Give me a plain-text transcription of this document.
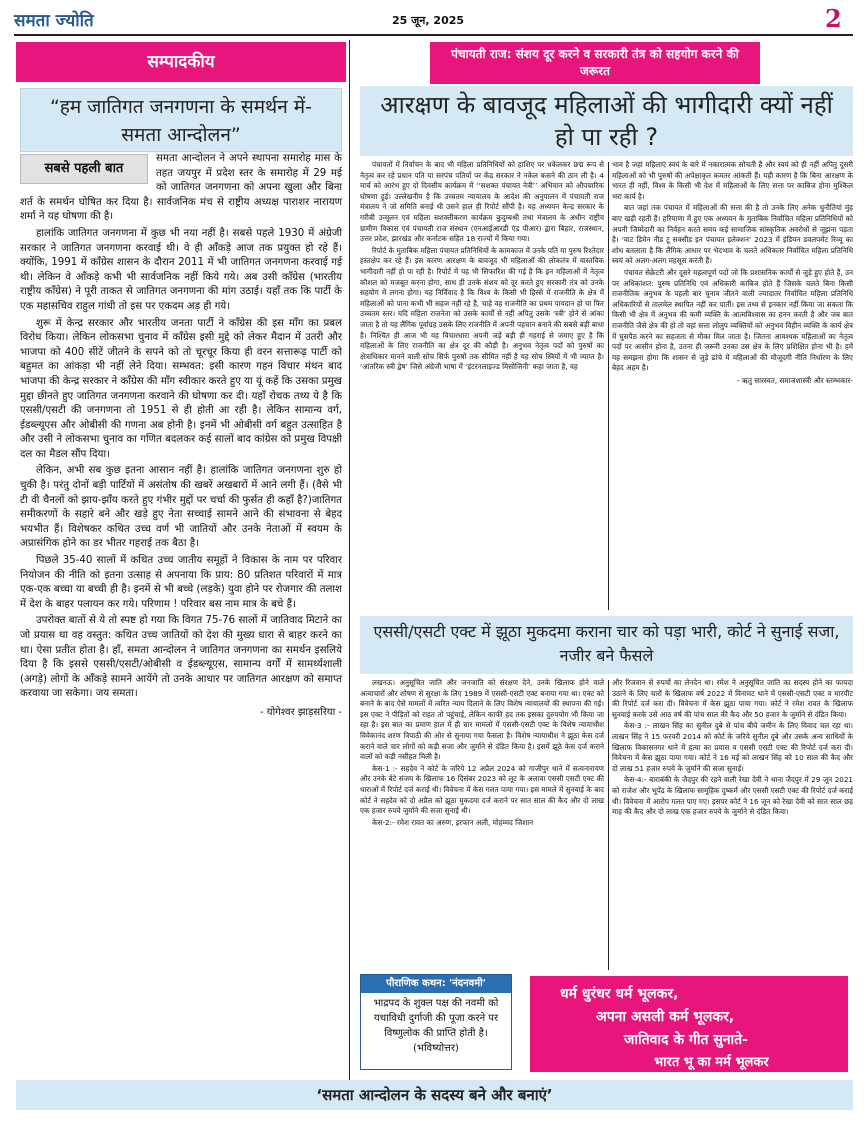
समता ज्योति	25 जून, 2025	2
सम्पादकीय
“हम जातिगत जनगणना के समर्थन में- समता आन्दोलन”
सबसे पहली बात

समता आन्दोलन ने अपने स्थापना समारोह मास के तहत जयपुर में प्रदेश स्तर के समारोह में 29 मई को जातिगत जनगणना को अपना खुला और बिना शर्त के समर्थन घोषित कर दिया है। सार्वजनिक मंच से राष्ट्रीय अध्यक्ष पाराशर नारायण शर्मा ने यह घोषणा की है।

हालांकि जातिगत जनगणना में कुछ भी नया नहीं है। सबसे पहले 1930 में अंग्रेजी सरकार ने जातिगत जनगणना करवाई थी। वे ही आँकड़े आज तक प्रयुक्त हो रहे हैं। क्योंकि, 1991 में काँग्रेस शासन के दौरान 2011 में भी जातिगत जनगणना करवाई गई थी। लेकिन वे आँकड़े कभी भी सार्वजनिक नहीं किये गये। अब उसी काँग्रेस (भारतीय राष्ट्रीय काँग्रेस) ने पूरी ताकत से जातिगत जनगणना की मांग उठाई। यहाँ तक कि पार्टी के एक महासचिव राहुल गांधी तो इस पर एकदम अड़ ही गये।

शुरू में केन्द्र सरकार और भारतीय जनता पार्टी ने काँग्रेस की इस माँग का प्रबल विरोध किया। लेकिन लोकसभा चुनाव में काँग्रेस इसी मुद्दे को लेकर मैदान में उतरी और भाजपा को 400 सीटें जीतने के सपने को तो चूरचूर किया ही वरन सत्तारूढ़ पार्टी को बहुमत का आंकड़ा भी नहीं लेने दिया। सम्भवत: इसी कारण गहन विचार मंथन बाद भाजपा की केन्द्र सरकार ने काँग्रेस की माँग स्वीकार करते हुए या यूं कहें कि उसका प्रमुख मुद्दा छीनते हुए जातिगत जनगणना करवाने की घोषणा कर दी। यहाँ रोचक तथ्य ये है कि एससी/एसटी की जनगणना तो 1951 से ही होती आ रही है। लेकिन सामान्य वर्ग, ईडब्ल्यूएस और ओबीसी की गणना अब होनी है। इनमें भी ओबीसी वर्ग बहुत उत्साहित है और उसी ने लोकसभा चुनाव का गणित बदलकर कई सालों बाद कांग्रेस को प्रमुख विपक्षी दल का मैडल सौंप दिया।

लेकिन, अभी सब कुछ इतना आसान नहीं है। हालांकि जातिगत जनगणना शुरु हो चुकी है। परंतु दोनों बड़ी पार्टियों में असंतोष की खबरें अखबारों में आने लगी हैं। (वैसे भी टी वी चैनलों को झाय-झाँय करते हुए गंभीर मुद्दों पर चर्चा की फुर्सत ही कहाँ है?)जातिगत समीकरणों के सहारे बने और खड़े हुए नेता सच्चाई सामने आने की संभावना से बेहद भयभीत हैं। विशेषकर कथित उच्च वर्ण भी जातियों और उनके नेताओं में स्वयम के अप्रासंगिक होने का डर भीतर गहराई तक बैठा है।

पिछले 35-40 सालों में कथित उच्च जातीय समूहों ने विकास के नाम पर परिवार नियोजन की नीति को इतना उत्साह से अपनाया कि प्राय: 80 प्रतिशत परिवारों में मात्र एक-एक बच्चा या बच्ची ही है। इनमें से भी बच्चे (लड़के) युवा होने पर रोजगार की तलाश में देश के बाहर पलायन कर गये। परिणाम ! परिवार बस नाम मात्र के बचे हैं।

उपरोक्त बातों से ये तो स्पष्ट हो गया कि विगत 75-76 सालों में जातिवाद मिटाने का जो प्रयास था वह वस्तुत: कथित उच्च जातियों को देश की मुख्य धारा से बाहर करने का था। ऐसा प्रतीत होता है। हाँ, समता आन्दोलन ने जातिगत जनगणना का समर्थन इसलिये दिया है कि इससे एससी/एसटी/ओबीसी व ईडब्ल्यूएस, सामान्य वर्गों में सामर्थ्यशाली (अगड़े) लोगों के आँकड़े सामने आयेंगे तो उनके आधार पर जातिगत आरक्षण को समाप्त करवाया जा सकेगा। जय समता।

- योगेश्वर झाड़सरिया -
पंचायती राज: संशय दूर करने व सरकारी तंत्र को सहयोग करने की जरूरत
आरक्षण के बावजूद महिलाओं की भागीदारी क्यों नहीं हो पा रही ?

पंचायतों में निर्वाचन के बाद भी महिला प्रतिनिधियों को हाशिए पर धकेलकर छद्म रूप से नेतृत्व कर रहे प्रधान पति या सरपंच पतियों पर केंद्र सरकार ने नकेल कसने की ठान ली है। 4 मार्च को आरंभ हुए दो दिवसीय कार्यक्रम में ‘‘सशक्त पंचायत नेत्री’’ अभियान को औपचारिक घोषणा हुई। उल्लेखनीय है कि उच्चतम न्यायालय के आदेश की अनुपालन में पंचायती राज मंत्रालय ने जो समिति बनाई थी उसने हाल ही रिपोर्ट सौंपी है। यह अध्ययन केन्द्र सरकार के गरीबी उन्मूलन एवं महिला सशक्तीकरण कार्यक्रम कुदुम्बश्री तथा मंत्रालय के अधीन राष्ट्रीय ग्रामीण विकास एवं पंचायती राज संस्थान (एनआईआरडी एंड पीआर) द्वारा बिहार, राजस्थान, उत्तर प्रदेश, झारखंड और कर्नाटक सहित 18 राज्यों में किया गया।

रिपोर्ट के मुताबिक महिला पंचायत प्रतिनिधियों के कामकाज में उनके पति या पुरुष रिश्तेदार हस्तक्षेप कर रहे हैं। इस कारण आरक्षण के बावजूद भी महिलाओं की लोकतंत्र में वास्तविक भागीदारी नहीं हो पा रही है। रिपोर्ट में यह भी सिफारिश की गई है कि इन महिलाओं में नेतृत्व कौशल को मजबूत करना होगा, साथ ही उनके संशय को दूर करते हुए सरकारी तंत्र को उनके सहयोग में लगना होगा। यह निर्विवाद है कि विश्व के किसी भी हिस्से में राजनीति के क्षेत्र में महिलाओं को पाना कभी भी सहज नहीं रहे है, चाहे वह राजनीति का प्रथम पायदान हो या फिर उच्चतम स्तर। यदि महिला राजनेता को उसके कार्यों से नहीं अपितु उसके ‘स्त्री’ होने से आंका जाता है तो यह लैंगिक पूर्वाग्रह उसके लिए राजनीति में अपनी पहचान बनाने की सबसे बड़ी बाधा है। निश्चित ही आज भी यह विचारधारा अपनी जड़ें बड़ी ही गहराई से जमाए हुए है कि महिलाओं के लिए राजनीति का क्षेत्र दूर की कौड़ी है। अनुभव नेतृत्व पदों को पुरुषों का क्षेत्राधिकार मानने वाली सोच सिर्फ पुरुषों तक सीमित नहीं है यह सोच स्त्रियों में भी व्याप्त है। ‘आंतरिक स्त्री द्वेष’ जिसे अंग्रेजी भाषा में ‘इंटरनलाइज्ड मिसोजिनी’ कहा जाता है, वह

भाव है जहां महिलाएं स्वयं के बारे में नकारात्मक सोचती है और स्वयं को ही नहीं अपितु दूसरी महिलाओं को भी पुरुषों की अपेक्षाकृत कमतर आंकती हैं। यही कारण है कि बिना आरक्षण के भारत ही नहीं, विश्व के किसी भी देश में महिलाओं के लिए सत्ता पर काबिज होना मुश्किल भरा कार्य है।

बात जहां तक पंचायत में महिलाओं की सत्ता की है तो उनके लिए अनेक चुनौतियां मुंह बाए खड़ी रहती हैं। हरियाणा में हुए एक अध्ययन के मुताबिक निर्वाचित महिला प्रतिनिधियों को अपनी जिम्मेदारी का निर्वहन करते समय कई सामाजिक सांस्कृतिक अवरोधों से जूझना पड़ता है। ‘वाट डिमेन नीड टू सक्सीड इन पंचायत इलेक्शन’ 2023 में इंडियन डवलपमेंट रिव्यू का शोध बतलाता है कि लैंगिक आधार पर भेदभाव के चलते अधिकतर निर्वाचित महिला प्रतिनिधि स्वयं को अलग-अलग महसूस करती हैं।

पंचायत सेक्रेटरी और दूसरे महत्वपूर्ण पदों जो कि प्रशासनिक कार्यों से जुड़े हुए होते हैं, उन पर अधिकांशत: पुरुष प्रतिनिधि एवं अधिकारी काबिज होते हैं जिसके चलते बिना किसी राजनीतिक अनुभव के पहली बार चुनाव जीतने वाली ज्यादातर निर्वाचित महिला प्रतिनिधि अधिकारियों से तालमेल स्थापित नहीं कर पातीं। इस तथ्य से इनकार नहीं किया जा सकता कि किसी भी क्षेत्र में अनुभव की कमी व्यक्ति के आत्मविश्वास का हनन करती है और जब बात राजनीति जैसे क्षेत्र की हो तो वहां सत्ता लोलुप व्यक्तियों को अनुभव विहीन व्यक्ति के कार्य क्षेत्र में घुसपैठ करने का सहजता से मौका मिल जाता है। जितना आवश्यक महिलाओं का नेतृत्व पदों पर आसीन होना है, उतना ही जरूरी उनका उस क्षेत्र के लिए प्रशिक्षित होना भी है। हमें यह समझना होगा कि शासन से जुड़े ढांचे में महिलाओं की मौजूदगी नीति निर्धारण के लिए बेहद अहम है।

- ऋतु सारस्वत, समाजशास्त्री और स्तम्भकार-
एससी/एसटी एक्ट में झूठा मुकदमा कराना चार को पड़ा भारी, कोर्ट ने सुनाई सजा, नजीर बने फैसले

लखनऊ। अनुसूचित जाति और जनजाति को संरक्षण देने, उनके खिलाफ होने वाले अत्याचारों और शोषण से सुरक्षा के लिए 1989 में एससी-एसटी एक्ट बनाया गया था। एक्ट को बनाने के बाद ऐसे मामलों में त्वरित न्याय दिलाने के लिए विशेष न्यायालयों की स्थापना की गई। इस एक्ट ने पीड़ितों को राहत तो पहुंचाई, लेकिन काफी हद तक इसका दुरुपयोग भी किया जा रहा है। इस बात का प्रमाण हाल में ही चार मामलों में एससी-एसटी एक्ट के विशेष न्यायाधीश विवेकानंद शरण त्रिपाठी की ओर से सुनाया गया फैसला है। विशेष न्यायाधीश ने झूठा केस दर्ज कराने वाले चार लोगों को कड़ी सजा और जुर्माने से दंडित किया है। इसमें झूठे केस दर्ज कराने वालों को कड़ी नसीहत मिली है।

केस-1 :- सहदेव ने कोर्ट के जरिये 12 अप्रैल 2024 को गाजीपुर थाने में सत्यनारायण और उनके बेटे संजय के खिलाफ 16 दिसंबर 2023 को लूट के अलावा एससी एसटी एक्ट की धाराओं में रिपोर्ट दर्ज कराई थी। विवेचना में केस गलत पाया गया। इस मामले में सुनवाई के बाद कोर्ट ने सहदेव को दो अप्रैल को झूठा मुकदमा दर्ज कराने पर सात साल की कैद और दो लाख एक हजार रुपये जुर्माने की सजा सुनाई थी।

केस-2:- रमेश रावत का अरुण, इरफान अली, मोहम्मद जिशान

और रिजवान से रुपयों का लेनदेन था। रमेश ने अनुसूचित जाति का सदस्य होने का फायदा उठाने के लिए चारों के खिलाफ वर्ष 2022 में विनामट थाने में एससी-एसटी एक्ट व मारपीट की रिपोर्ट दर्ज करा दी। विवेचना में केस झूठा पाया गया। कोर्ट ने रमेश रावत के खिलाफ सुनवाई करके उसे आठ वर्ष की पांच साल की कैद और 50 हजार के जुर्माने से दंडित किया।

केस-3 :- लाखन सिंह का सुनील दुबे से पांच बीघे जमीन के लिए विवाद चल रहा था। लाखन सिंह ने 15 फरवरी 2014 को कोर्ट के जरिये सुनील दुबे और उसके अन्य साथियों के खिलाफ विकासनगर थाने में हत्या का प्रयास व एससी एसटी एक्ट की रिपोर्ट दर्ज करा दी। विवेचना में केस झूठा पाया गया। कोर्ट ने 16 मई को लाखन सिंह को 10 साल की कैद और दो लाख 51 हजार रुपये के जुर्माने की सजा सुनाई।

केस-4:- बाराबंकी के जैदपुर की रहने वाली रेखा देवी ने थाना जैदपुर में 29 जून 2021 को राजेश और भूपेंद्र के खिलाफ सामूहिक दुष्कर्म और एससी एसटी एक्ट की रिपोर्ट दर्ज कराई थी। विवेचना में आरोप गलत पाए गए। इसपर कोर्ट ने 16 जून को रेखा देवी को सात साल छह माह की कैद और दो लाख एक हजार रुपये के जुर्माने से दंडित किया।

पौराणिक कथन: 'नंदनवमी'
भाद्रपद के शुक्ल पक्ष की नवमी को यथाविधी दुर्गाजी की पूजा करने पर विष्णुलोक की प्राप्ति होती है। (भविष्योत्तर)
धर्म धुरंधर धर्म भूलकर,
अपना असली कर्म भूलकर,
जातिवाद के गीत सुनाते-
भारत भू का मर्म भूलकर
‘समता आन्दोलन के सदस्य बने और बनाएं’
